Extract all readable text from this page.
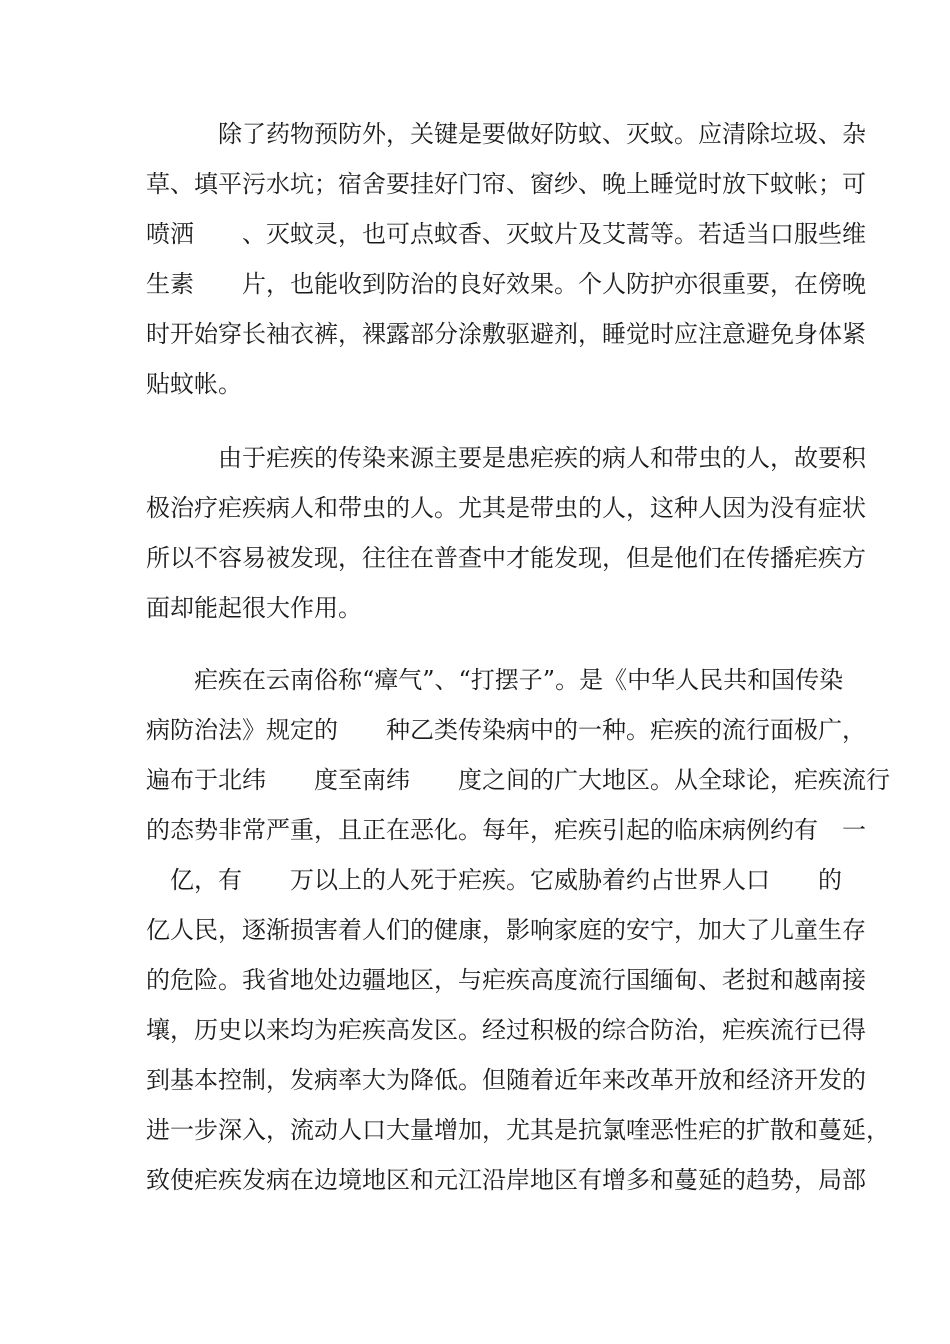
　　　除了药物预防外，关键是要做好防蚊、灭蚊。应清除垃圾、杂
草、填平污水坑；宿舍要挂好门帘、窗纱、晚上睡觉时放下蚊帐；可
喷洒　　、灭蚊灵，也可点蚊香、灭蚊片及艾蒿等。若适当口服些维
生素　　片，也能收到防治的良好效果。个人防护亦很重要，在傍晚
时开始穿长袖衣裤，裸露部分涂敷驱避剂，睡觉时应注意避免身体紧
贴蚊帐。
　　　由于疟疾的传染来源主要是患疟疾的病人和带虫的人，故要积
极治疗疟疾病人和带虫的人。尤其是带虫的人，这种人因为没有症状
所以不容易被发现，往往在普查中才能发现，但是他们在传播疟疾方
面却能起很大作用。
　　疟疾在云南俗称“瘴气”、“打摆子”。是《中华人民共和国传染
病防治法》规定的　　种乙类传染病中的一种。疟疾的流行面极广，
遍布于北纬　　度至南纬　　度之间的广大地区。从全球论，疟疾流行
的态势非常严重，且正在恶化。每年，疟疾引起的临床病例约有　一
　亿，有　　万以上的人死于疟疾。它威胁着约占世界人口　　的
亿人民，逐渐损害着人们的健康，影响家庭的安宁，加大了儿童生存
的危险。我省地处边疆地区，与疟疾高度流行国缅甸、老挝和越南接
壤，历史以来均为疟疾高发区。经过积极的综合防治，疟疾流行已得
到基本控制，发病率大为降低。但随着近年来改革开放和经济开发的
进一步深入，流动人口大量增加，尤其是抗氯喹恶性疟的扩散和蔓延，
致使疟疾发病在边境地区和元江沿岸地区有增多和蔓延的趋势，局部
